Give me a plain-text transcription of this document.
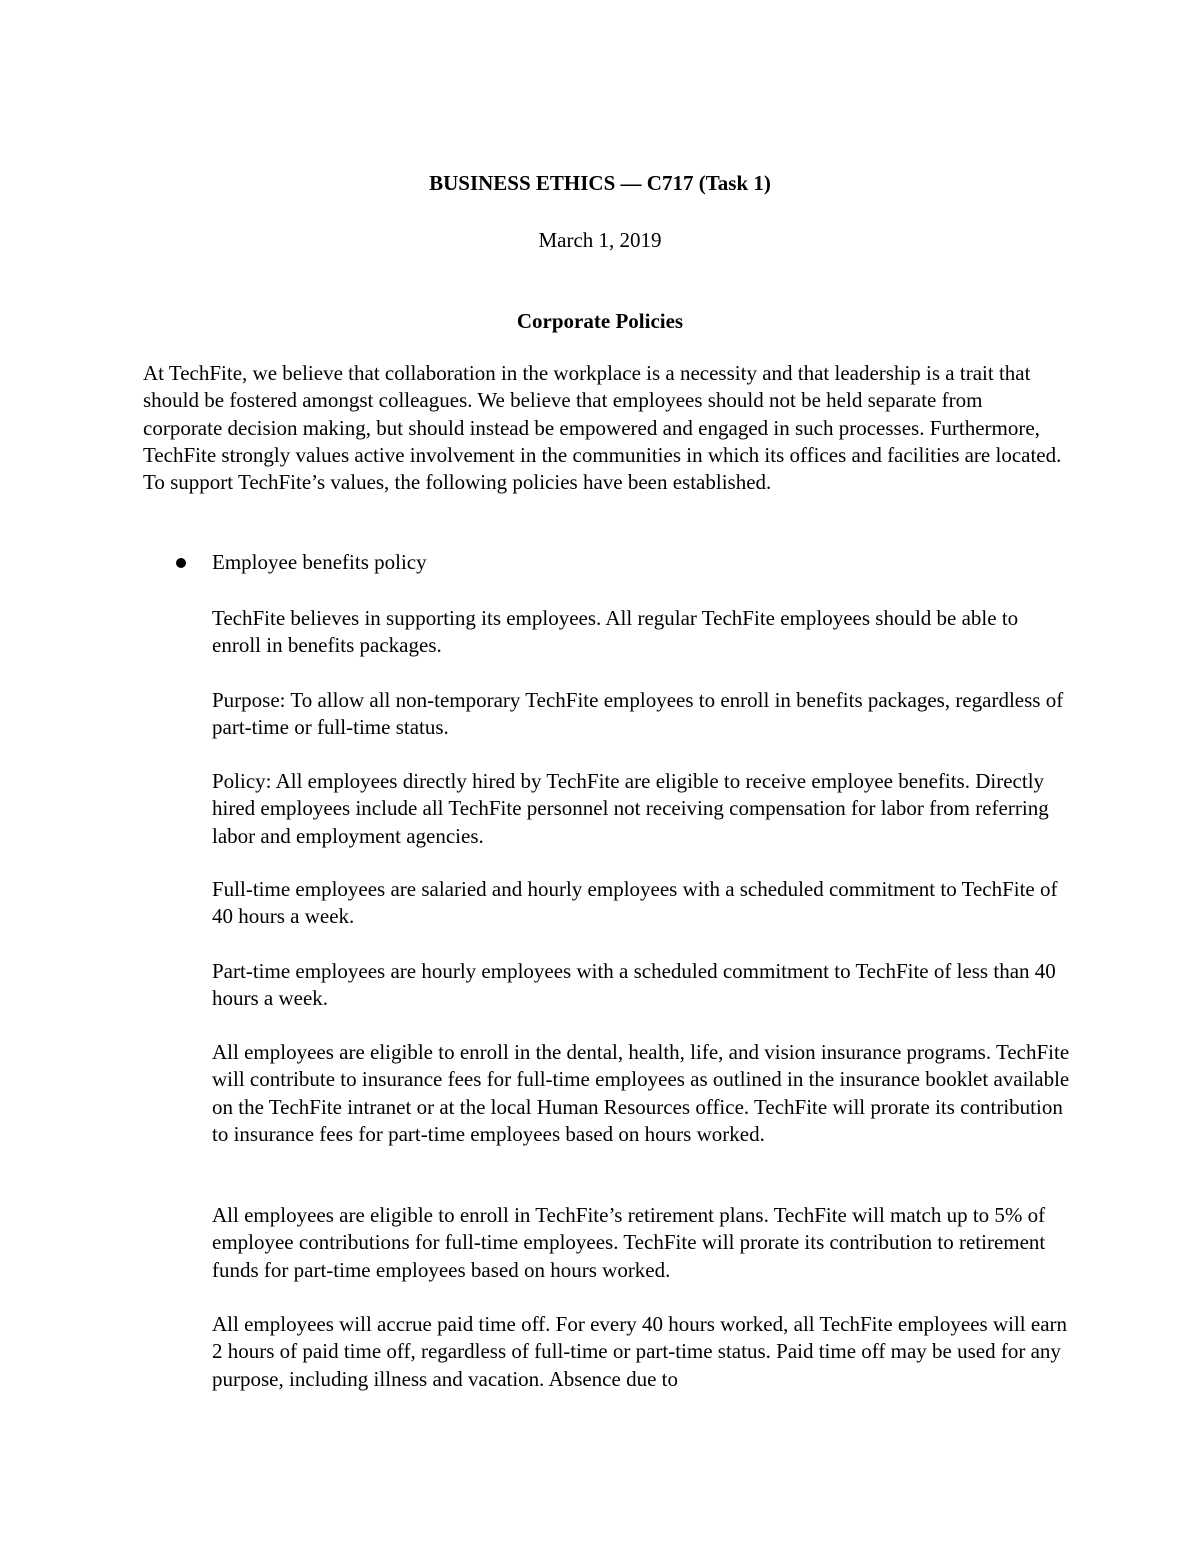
BUSINESS ETHICS — C717 (Task 1)
March 1, 2019
Corporate Policies

At TechFite, we believe that collaboration in the workplace is a necessity and that leadership is a trait that should be fostered amongst colleagues. We believe that employees should not be held separate from corporate decision making, but should instead be empowered and engaged in such processes. Furthermore, TechFite strongly values active involvement in the communities in which its offices and facilities are located. To support TechFite’s values, the following policies have been established.

Employee benefits policy
TechFite believes in supporting its employees. All regular TechFite employees should be able to enroll in benefits packages.
Purpose: To allow all non-temporary TechFite employees to enroll in benefits packages, regardless of part-time or full-time status.
Policy: All employees directly hired by TechFite are eligible to receive employee benefits. Directly hired employees include all TechFite personnel not receiving compensation for labor from referring labor and employment agencies.
Full-time employees are salaried and hourly employees with a scheduled commitment to TechFite of 40 hours a week.
Part-time employees are hourly employees with a scheduled commitment to TechFite of less than 40 hours a week.
All employees are eligible to enroll in the dental, health, life, and vision insurance programs. TechFite will contribute to insurance fees for full-time employees as outlined in the insurance booklet available on the TechFite intranet or at the local Human Resources office. TechFite will prorate its contribution to insurance fees for part-time employees based on hours worked.
All employees are eligible to enroll in TechFite’s retirement plans. TechFite will match up to 5% of employee contributions for full-time employees. TechFite will prorate its contribution to retirement funds for part-time employees based on hours worked.
All employees will accrue paid time off. For every 40 hours worked, all TechFite employees will earn 2 hours of paid time off, regardless of full-time or part-time status. Paid time off may be used for any purpose, including illness and vacation. Absence due to
